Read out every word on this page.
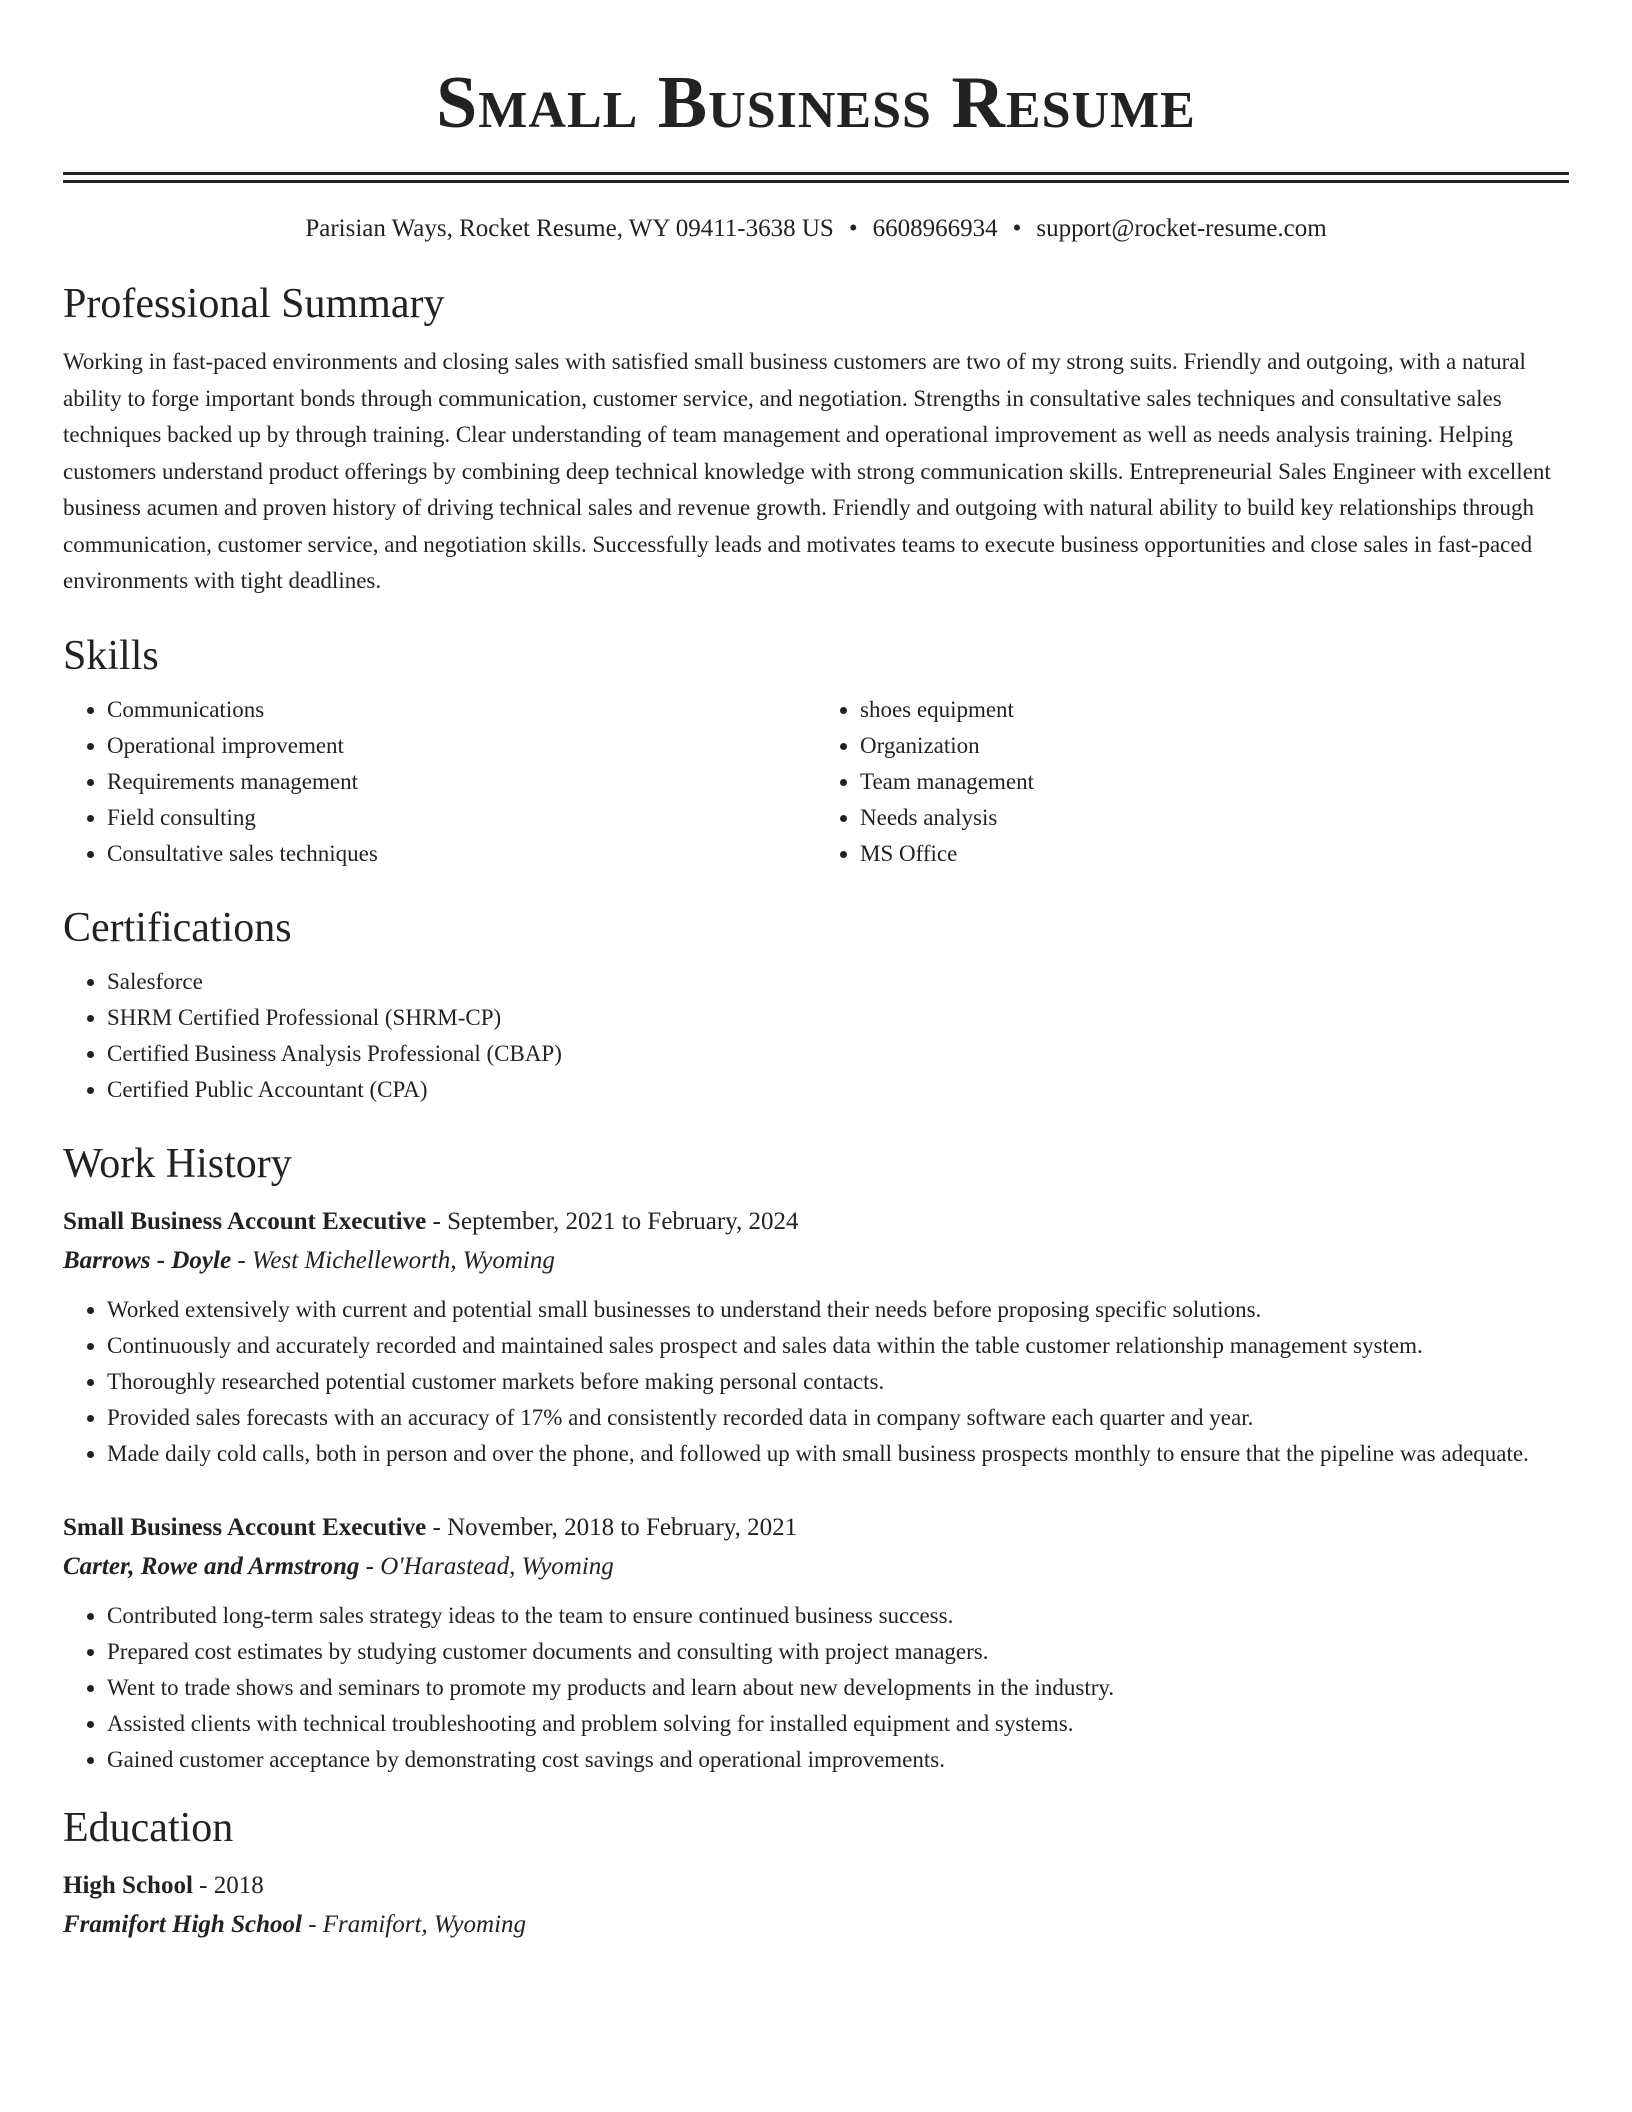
Small Business Resume
Parisian Ways, Rocket Resume, WY 09411-3638 US • 6608966934 • support@rocket-resume.com
Professional Summary

Working in fast-paced environments and closing sales with satisfied small business customers are two of my strong suits. Friendly and outgoing, with a natural ability to forge important bonds through communication, customer service, and negotiation. Strengths in consultative sales techniques and consultative sales techniques backed up by through training. Clear understanding of team management and operational improvement as well as needs analysis training. Helping customers understand product offerings by combining deep technical knowledge with strong communication skills. Entrepreneurial Sales Engineer with excellent business acumen and proven history of driving technical sales and revenue growth. Friendly and outgoing with natural ability to build key relationships through communication, customer service, and negotiation skills. Successfully leads and motivates teams to execute business opportunities and close sales in fast-paced environments with tight deadlines.

Skills
• Communications
• Operational improvement
• Requirements management
• Field consulting
• Consultative sales techniques
• shoes equipment
• Organization
• Team management
• Needs analysis
• MS Office
Certifications
• Salesforce
• SHRM Certified Professional (SHRM-CP)
• Certified Business Analysis Professional (CBAP)
• Certified Public Accountant (CPA)
Work History
Small Business Account Executive - September, 2021 to February, 2024
Barrows - Doyle - West Michelleworth, Wyoming
• Worked extensively with current and potential small businesses to understand their needs before proposing specific solutions.
• Continuously and accurately recorded and maintained sales prospect and sales data within the table customer relationship management system.
• Thoroughly researched potential customer markets before making personal contacts.
• Provided sales forecasts with an accuracy of 17% and consistently recorded data in company software each quarter and year.
• Made daily cold calls, both in person and over the phone, and followed up with small business prospects monthly to ensure that the pipeline was adequate.
Small Business Account Executive - November, 2018 to February, 2021
Carter, Rowe and Armstrong - O'Harastead, Wyoming
• Contributed long-term sales strategy ideas to the team to ensure continued business success.
• Prepared cost estimates by studying customer documents and consulting with project managers.
• Went to trade shows and seminars to promote my products and learn about new developments in the industry.
• Assisted clients with technical troubleshooting and problem solving for installed equipment and systems.
• Gained customer acceptance by demonstrating cost savings and operational improvements.
Education
High School - 2018
Framifort High School - Framifort, Wyoming
